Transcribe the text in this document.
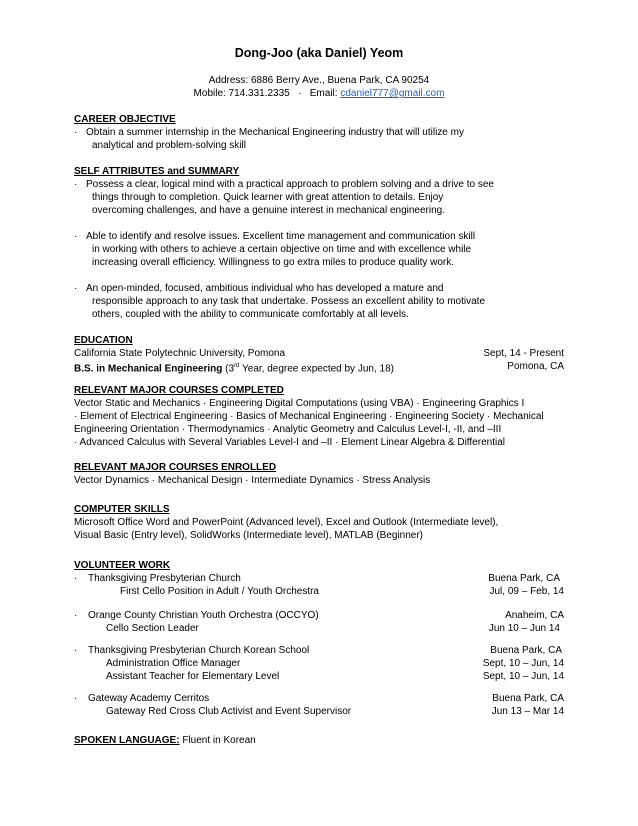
Dong-Joo (aka Daniel) Yeom
Address: 6886 Berry Ave., Buena Park, CA 90254
Mobile: 714.331.2335 · Email: cdaniel777@gmail.com
CAREER OBJECTIVE
· Obtain a summer internship in the Mechanical Engineering industry that will utilize my
analytical and problem-solving skill
SELF ATTRIBUTES and SUMMARY
· Possess a clear, logical mind with a practical approach to problem solving and a drive to see
things through to completion. Quick learner with great attention to details. Enjoy
overcoming challenges, and have a genuine interest in mechanical engineering.
· Able to identify and resolve issues. Excellent time management and communication skill
in working with others to achieve a certain objective on time and with excellence while
increasing overall efficiency. Willingness to go extra miles to produce quality work.
· An open-minded, focused, ambitious individual who has developed a mature and
responsible approach to any task that undertake. Possess an excellent ability to motivate
others, coupled with the ability to communicate comfortably at all levels.
EDUCATION
California State Polytechnic University, Pomona	Sept, 14 - Present
B.S. in Mechanical Engineering (3rd Year, degree expected by Jun, 18)	Pomona, CA
RELEVANT MAJOR COURSES COMPLETED
Vector Static and Mechanics · Engineering Digital Computations (using VBA) · Engineering Graphics I
· Element of Electrical Engineering · Basics of Mechanical Engineering · Engineering Society · Mechanical
Engineering Orientation · Thermodynamics · Analytic Geometry and Calculus Level-I, -II, and –III
· Advanced Calculus with Several Variables Level-I and –II · Element Linear Algebra & Differential
RELEVANT MAJOR COURSES ENROLLED
Vector Dynamics · Mechanical Design · Intermediate Dynamics · Stress Analysis
COMPUTER SKILLS
Microsoft Office Word and PowerPoint (Advanced level), Excel and Outlook (Intermediate level),
Visual Basic (Entry level), SolidWorks (Intermediate level), MATLAB (Beginner)
VOLUNTEER WORK
· Thanksgiving Presbyterian Church	Buena Park, CA
First Cello Position in Adult / Youth Orchestra	Jul, 09 – Feb, 14
· Orange County Christian Youth Orchestra (OCCYO)	Anaheim, CA
Cello Section Leader	Jun 10 – Jun 14
· Thanksgiving Presbyterian Church Korean School	Buena Park, CA
Administration Office Manager	Sept, 10 – Jun, 14
Assistant Teacher for Elementary Level	Sept, 10 – Jun, 14
· Gateway Academy Cerritos	Buena Park, CA
Gateway Red Cross Club Activist and Event Supervisor	Jun 13 – Mar 14
SPOKEN LANGUAGE: Fluent in Korean
